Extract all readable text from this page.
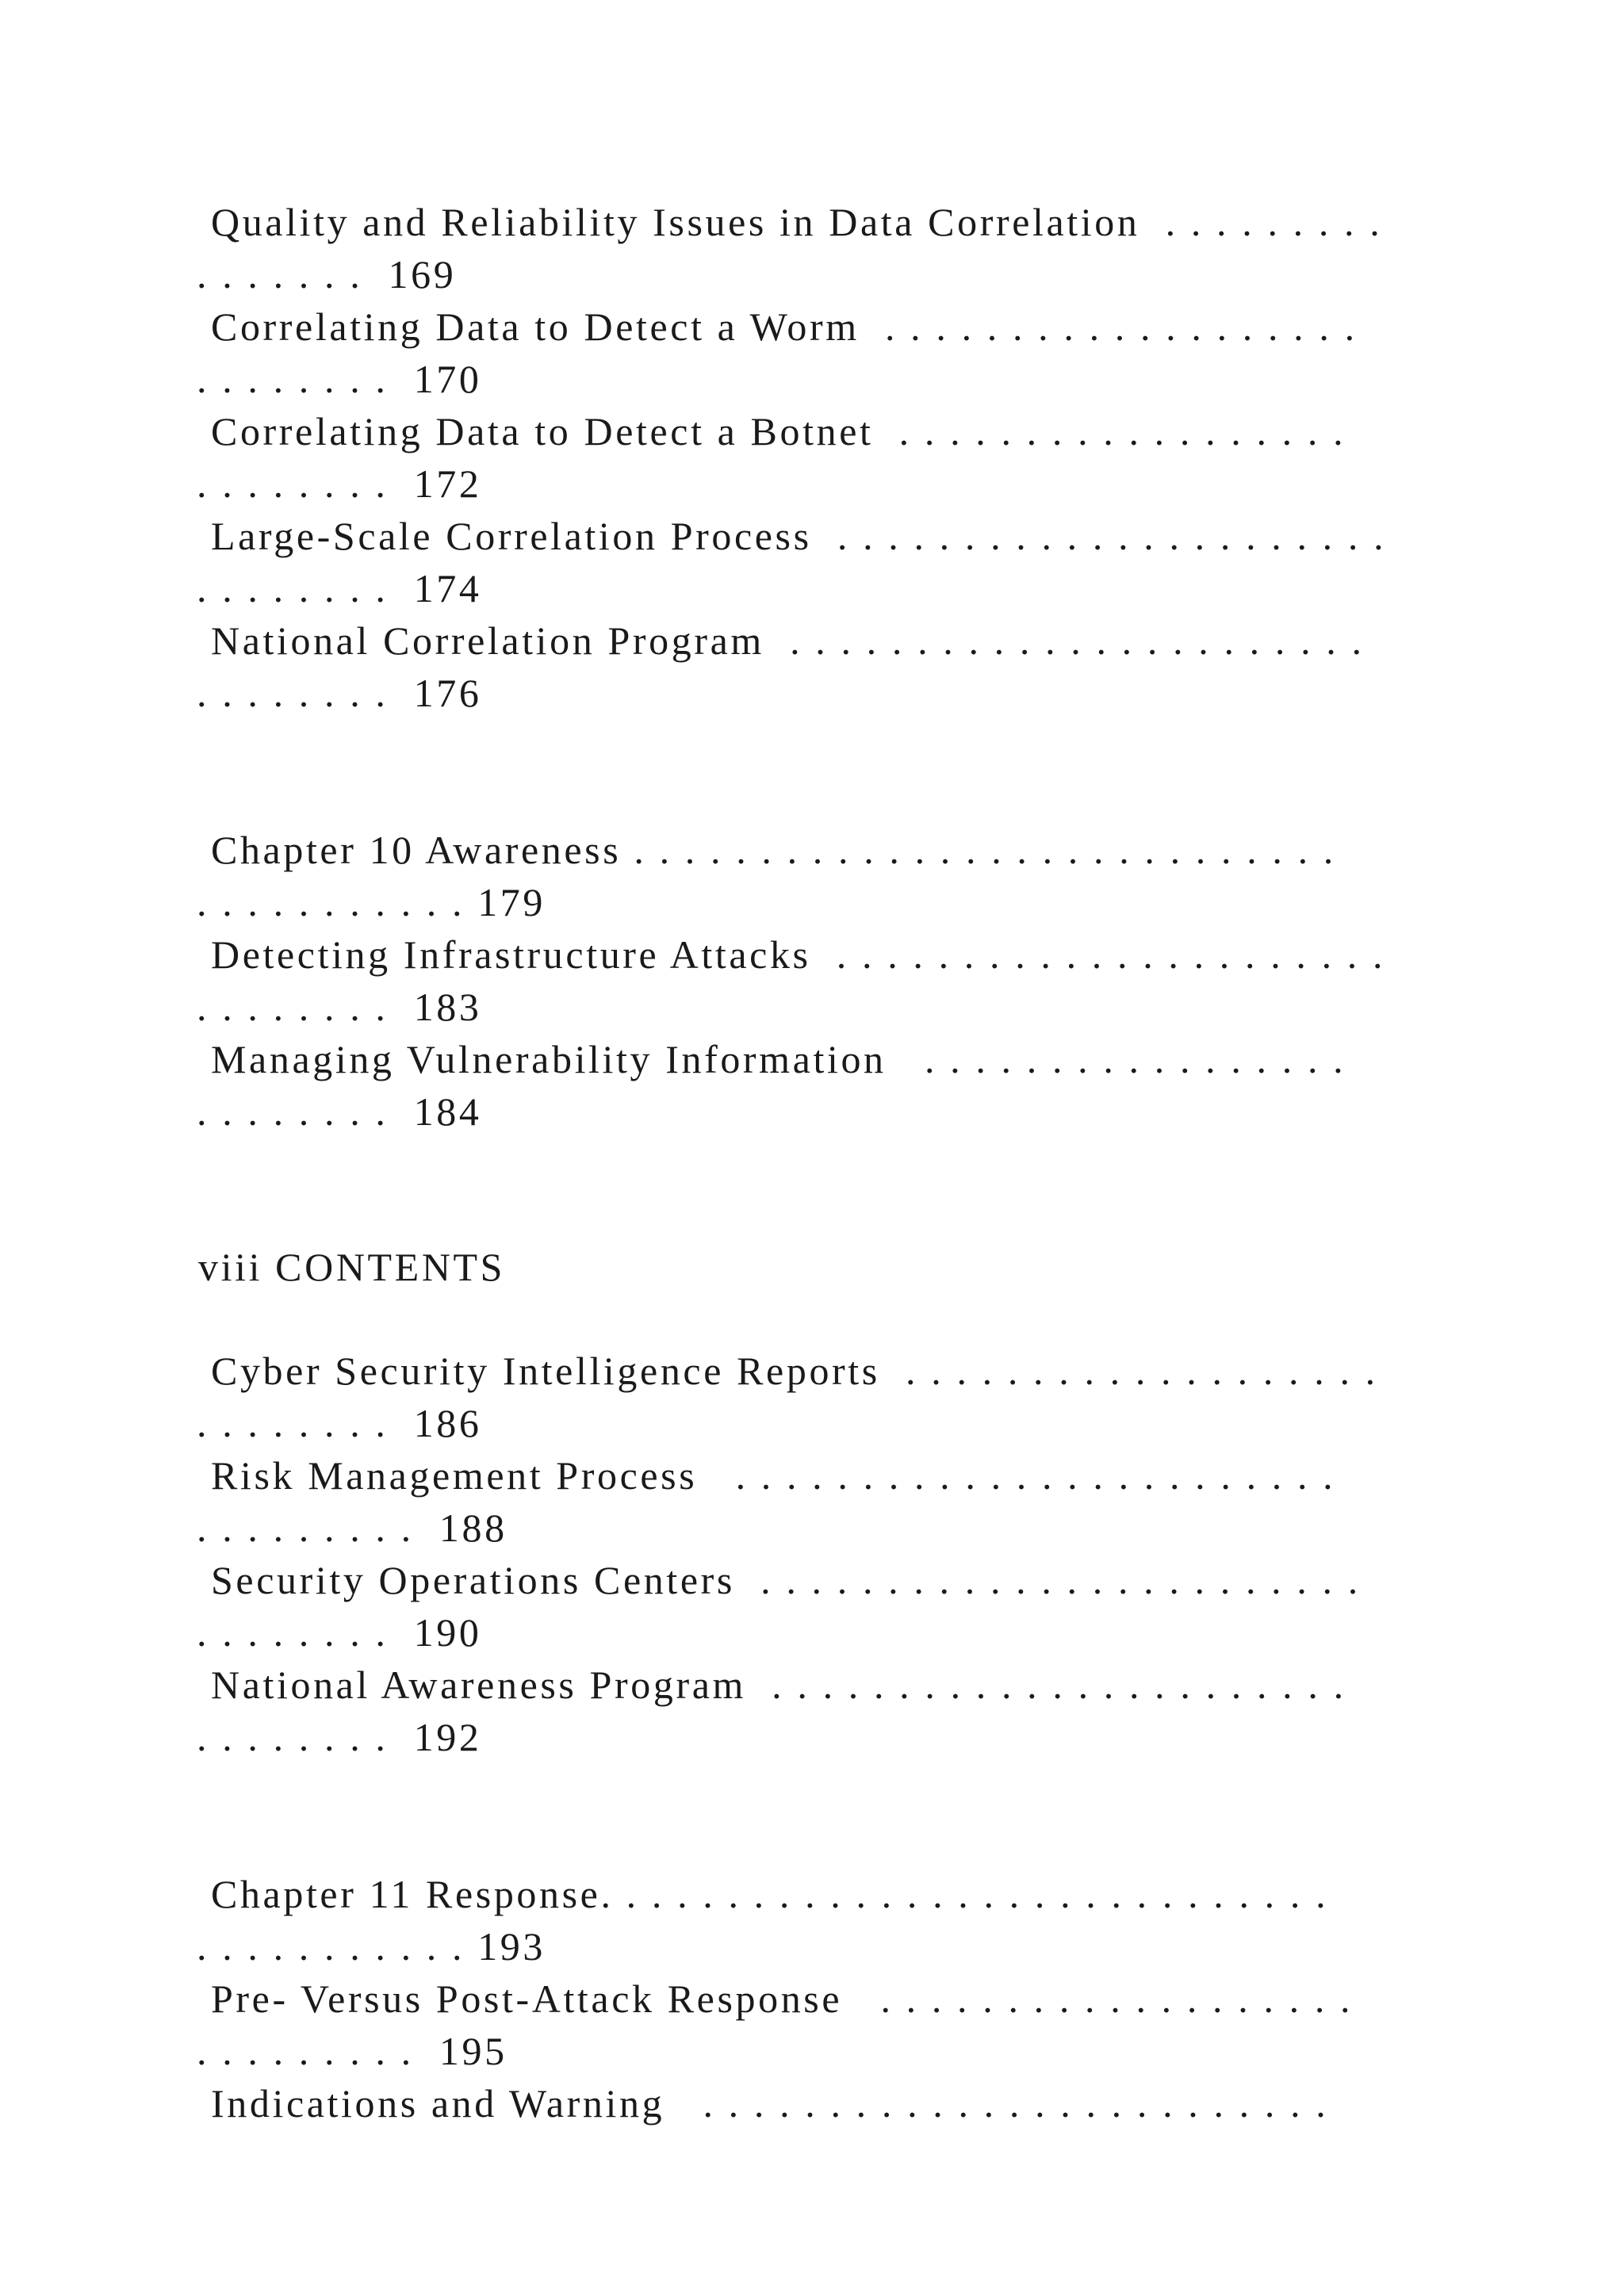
Quality and Reliability Issues in Data Correlation  . . . . . . . . .
. . . . . . .  169
Correlating Data to Detect a Worm  . . . . . . . . . . . . . . . . . . .
. . . . . . . .  170
Correlating Data to Detect a Botnet  . . . . . . . . . . . . . . . . . .
. . . . . . . .  172
Large-Scale Correlation Process  . . . . . . . . . . . . . . . . . . . . . .
. . . . . . . .  174
National Correlation Program  . . . . . . . . . . . . . . . . . . . . . . .
. . . . . . . .  176
Chapter 10 Awareness . . . . . . . . . . . . . . . . . . . . . . . . . . . .
. . . . . . . . . . . 179
Detecting Infrastructure Attacks  . . . . . . . . . . . . . . . . . . . . . .
. . . . . . . .  183
Managing Vulnerability Information   . . . . . . . . . . . . . . . . .
. . . . . . . .  184
viii CONTENTS
Cyber Security Intelligence Reports  . . . . . . . . . . . . . . . . . . .
. . . . . . . .  186
Risk Management Process   . . . . . . . . . . . . . . . . . . . . . . . .
. . . . . . . . .  188
Security Operations Centers  . . . . . . . . . . . . . . . . . . . . . . . .
. . . . . . . .  190
National Awareness Program  . . . . . . . . . . . . . . . . . . . . . . .
. . . . . . . .  192
Chapter 11 Response. . . . . . . . . . . . . . . . . . . . . . . . . . . . .
. . . . . . . . . . . 193
Pre- Versus Post-Attack Response   . . . . . . . . . . . . . . . . . . .
. . . . . . . . .  195
Indications and Warning   . . . . . . . . . . . . . . . . . . . . . . . . .
